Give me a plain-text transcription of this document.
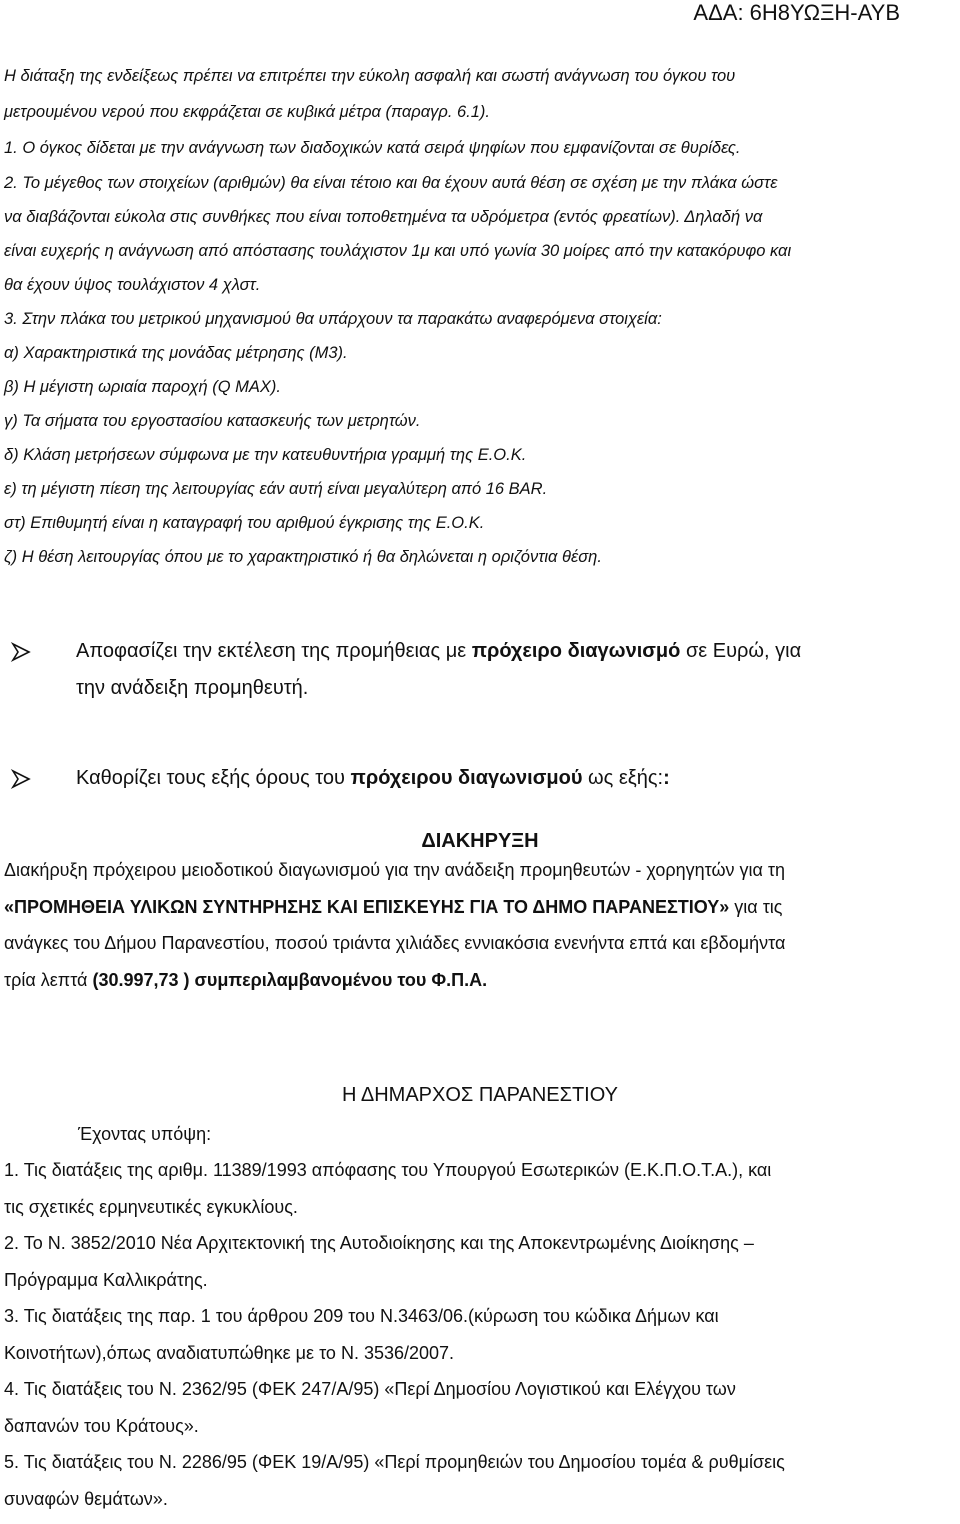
ΑΔΑ: 6Η8ΥΩΞΗ-ΑΥΒ

Η διάταξη της ενδείξεως πρέπει να επιτρέπει την εύκολη ασφαλή και σωστή ανάγνωση του όγκου του

μετρουμένου νερού που εκφράζεται σε κυβικά μέτρα (παραγρ. 6.1).

1. Ο όγκος δίδεται με την ανάγνωση των διαδοχικών κατά σειρά ψηφίων που εμφανίζονται σε θυρίδες.

2. Το μέγεθος των στοιχείων (αριθμών) θα είναι τέτοιο και θα έχουν αυτά θέση σε σχέση με την πλάκα ώστε

να διαβάζονται εύκολα στις συνθήκες που είναι τοποθετημένα τα υδρόμετρα (εντός φρεατίων). Δηλαδή να

είναι ευχερής η ανάγνωση από απόστασης τουλάχιστον 1μ και υπό γωνία 30 μοίρες από την κατακόρυφο και

θα έχουν ύψος τουλάχιστον 4 χλστ.

3. Στην πλάκα του μετρικού μηχανισμού θα υπάρχουν τα παρακάτω αναφερόμενα στοιχεία:

α) Χαρακτηριστικά της μονάδας μέτρησης (Μ3).

β) Η μέγιστη ωριαία παροχή (Q MAX).

γ) Τα σήματα του εργοστασίου κατασκευής των μετρητών.

δ) Κλάση μετρήσεων σύμφωνα με την κατευθυντήρια γραμμή της Ε.Ο.Κ.

ε) τη μέγιστη πίεση της λειτουργίας εάν αυτή είναι μεγαλύτερη από 16 BAR.

στ) Επιθυμητή είναι η καταγραφή του αριθμού έγκρισης της Ε.Ο.Κ.

ζ) Η θέση λειτουργίας όπου με το χαρακτηριστικό ή θα δηλώνεται η οριζόντια θέση.

Αποφασίζει την εκτέλεση της προμήθειας με πρόχειρο διαγωνισμό σε Ευρώ, για
την ανάδειξη προμηθευτή.
Καθορίζει τους εξής όρους του πρόχειρου διαγωνισμού ως εξής::
ΔΙΑΚΗΡΥΞΗ

Διακήρυξη πρόχειρου μειοδοτικού διαγωνισμού για την ανάδειξη προμηθευτών - χορηγητών για τη

«ΠΡΟΜΗΘΕΙΑ ΥΛΙΚΩΝ ΣΥΝΤΗΡΗΣΗΣ ΚΑΙ ΕΠΙΣΚΕΥΗΣ ΓΙΑ ΤΟ ΔΗΜΟ ΠΑΡΑΝΕΣΤΙΟΥ» για τις

ανάγκες του Δήμου Παρανεστίου, ποσού τριάντα χιλιάδες εννιακόσια ενενήντα επτά και εβδομήντα

τρία λεπτά (30.997,73 ) συμπεριλαμβανομένου του Φ.Π.Α.

Η ΔΗΜΑΡΧΟΣ ΠΑΡΑΝΕΣΤΙΟΥ

Έχοντας υπόψη:

1. Τις διατάξεις της αριθμ. 11389/1993 απόφασης του Υπουργού Εσωτερικών (Ε.Κ.Π.Ο.Τ.Α.), και

τις σχετικές ερμηνευτικές εγκυκλίους.

2. Το Ν. 3852/2010 Νέα Αρχιτεκτονική της Αυτοδιοίκησης και της Αποκεντρωμένης Διοίκησης –

Πρόγραμμα Καλλικράτης.

3. Τις διατάξεις της παρ. 1 του άρθρου 209 του Ν.3463/06.(κύρωση του κώδικα Δήμων και

Κοινοτήτων),όπως αναδιατυπώθηκε με το Ν. 3536/2007.

4. Τις διατάξεις του Ν. 2362/95 (ΦΕΚ 247/Α/95) «Περί Δημοσίου Λογιστικού και Ελέγχου των

δαπανών του Κράτους».

5. Τις διατάξεις του Ν. 2286/95 (ΦΕΚ 19/Α/95) «Περί προμηθειών του Δημοσίου τομέα & ρυθμίσεις

συναφών θεμάτων».
